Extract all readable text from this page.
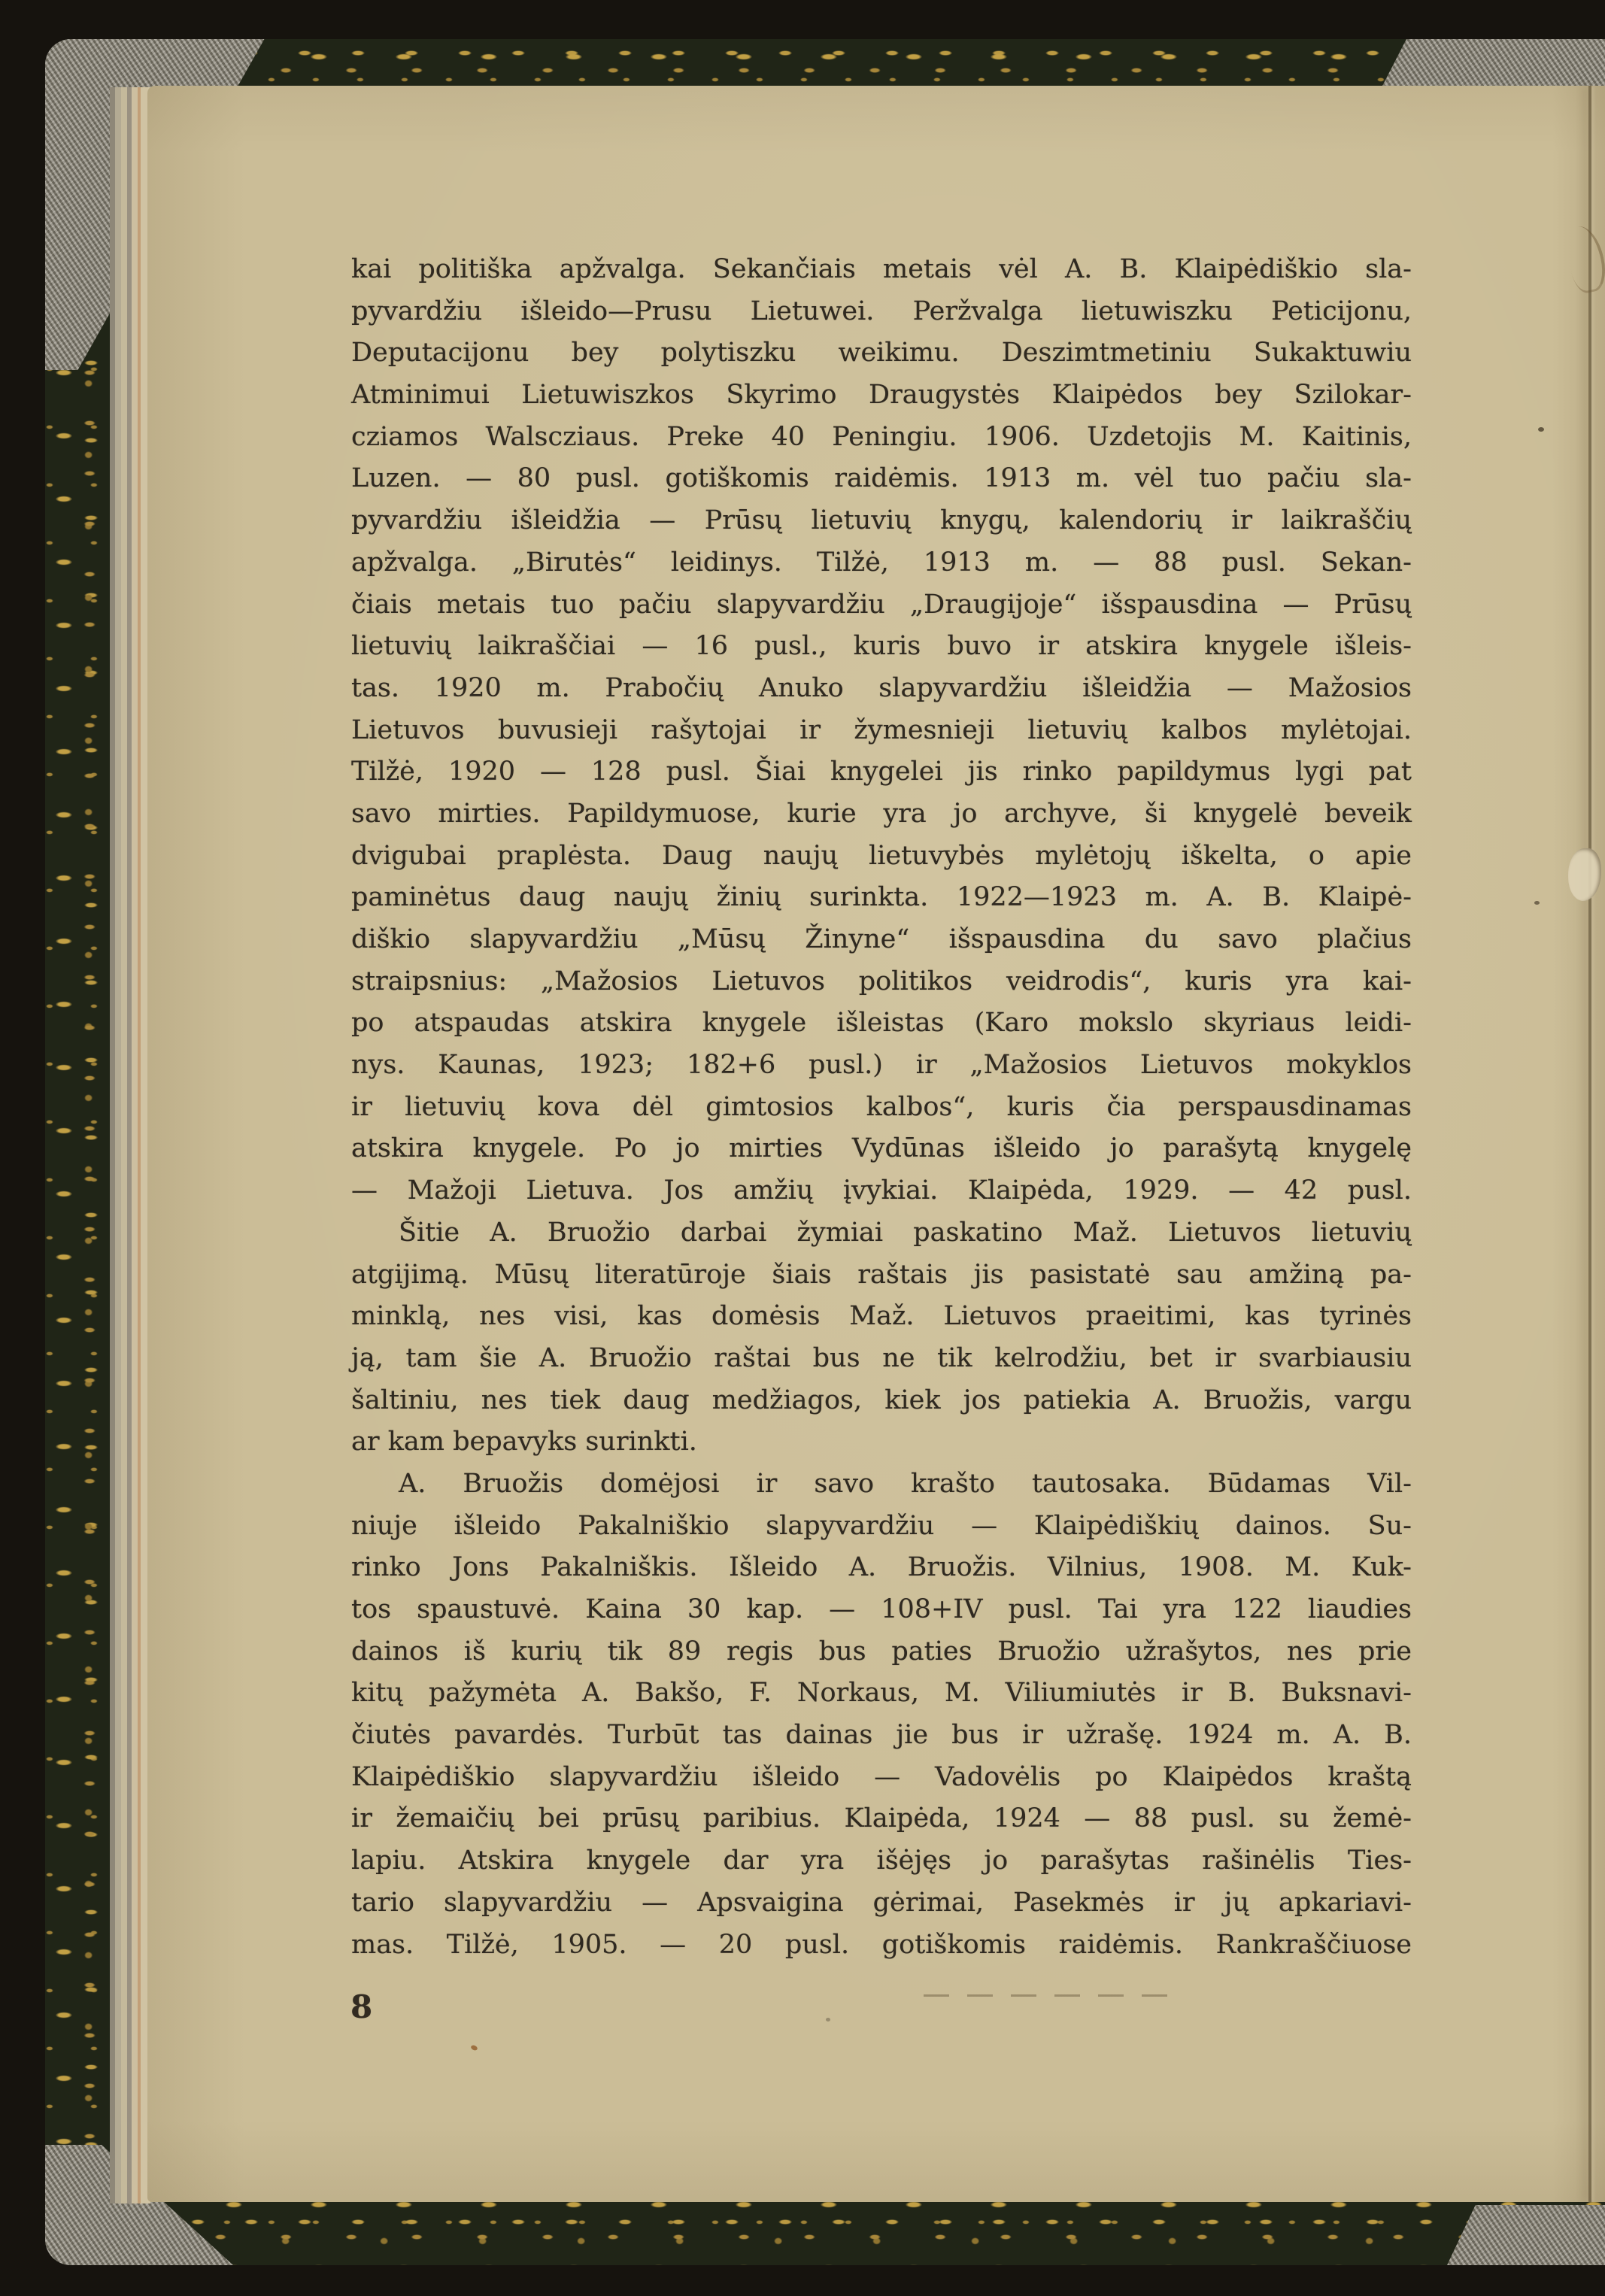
kai politiška apžvalga. Sekančiais metais vėl A. B. Klaipėdiškio sla-
pyvardžiu išleido—Prusu Lietuwei. Peržvalga lietuwiszku Peticijonu,
Deputacijonu bey polytiszku weikimu. Deszimtmetiniu Sukaktuwiu
Atminimui Lietuwiszkos Skyrimo Draugystės Klaipėdos bey Szilokar-
cziamos Walscziaus. Preke 40 Peningiu. 1906. Uzdetojis M. Kaitinis,
Luzen. — 80 pusl. gotiškomis raidėmis. 1913 m. vėl tuo pačiu sla-
pyvardžiu išleidžia — Prūsų lietuvių knygų, kalendorių ir laikraščių
apžvalga. „Birutės“ leidinys. Tilžė, 1913 m. — 88 pusl. Sekan-
čiais metais tuo pačiu slapyvardžiu „Draugijoje“ išspausdina — Prūsų
lietuvių laikraščiai — 16 pusl., kuris buvo ir atskira knygele išleis-
tas. 1920 m. Prabočių Anuko slapyvardžiu išleidžia — Mažosios
Lietuvos buvusieji rašytojai ir žymesnieji lietuvių kalbos mylėtojai.
Tilžė, 1920 — 128 pusl. Šiai knygelei jis rinko papildymus lygi pat
savo mirties. Papildymuose, kurie yra jo archyve, ši knygelė beveik
dvigubai praplėsta. Daug naujų lietuvybės mylėtojų iškelta, o apie
paminėtus daug naujų žinių surinkta. 1922—1923 m. A. B. Klaipė-
diškio slapyvardžiu „Mūsų Žinyne“ išspausdina du savo plačius
straipsnius: „Mažosios Lietuvos politikos veidrodis“, kuris yra kai-
po atspaudas atskira knygele išleistas (Karo mokslo skyriaus leidi-
nys. Kaunas, 1923; 182+6 pusl.) ir „Mažosios Lietuvos mokyklos
ir lietuvių kova dėl gimtosios kalbos“, kuris čia perspausdinamas
atskira knygele. Po jo mirties Vydūnas išleido jo parašytą knygelę
— Mažoji Lietuva. Jos amžių įvykiai. Klaipėda, 1929. — 42 pusl.
Šitie A. Bruožio darbai žymiai paskatino Maž. Lietuvos lietuvių
atgijimą. Mūsų literatūroje šiais raštais jis pasistatė sau amžiną pa-
minklą, nes visi, kas domėsis Maž. Lietuvos praeitimi, kas tyrinės
ją, tam šie A. Bruožio raštai bus ne tik kelrodžiu, bet ir svarbiausiu
šaltiniu, nes tiek daug medžiagos, kiek jos patiekia A. Bruožis, vargu
ar kam bepavyks surinkti.
A. Bruožis domėjosi ir savo krašto tautosaka. Būdamas Vil-
niuje išleido Pakalniškio slapyvardžiu — Klaipėdiškių dainos. Su-
rinko Jons Pakalniškis. Išleido A. Bruožis. Vilnius, 1908. M. Kuk-
tos spaustuvė. Kaina 30 kap. — 108+IV pusl. Tai yra 122 liaudies
dainos iš kurių tik 89 regis bus paties Bruožio užrašytos, nes prie
kitų pažymėta A. Bakšo, F. Norkaus, M. Viliumiutės ir B. Buksnavi-
čiutės pavardės. Turbūt tas dainas jie bus ir užrašę. 1924 m. A. B.
Klaipėdiškio slapyvardžiu išleido — Vadovėlis po Klaipėdos kraštą
ir žemaičių bei prūsų paribius. Klaipėda, 1924 — 88 pusl. su žemė-
lapiu. Atskira knygele dar yra išėjęs jo parašytas rašinėlis Ties-
tario slapyvardžiu — Apsvaigina gėrimai, Pasekmės ir jų apkariavi-
mas. Tilžė, 1905. — 20 pusl. gotiškomis raidėmis. Rankraščiuose
8
